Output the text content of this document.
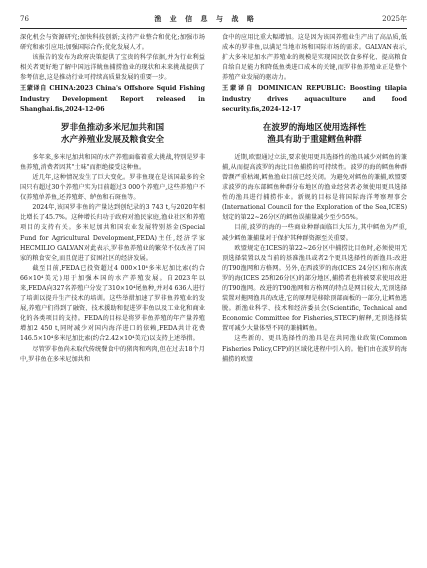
76	渔 业 信 息 与 战 略	2025年

深化机会与资源研究;加快科技创新;支持产业整合和优化;加强市场研究和索引应用;加强国际合作;优化发展人才。

该报告的发布为政府决策提供了宝贵的科学依据,并为行业利益相关者更好地了解中国远洋鱿鱼捕捞渔业的现状和未来挑战提供了参考信息,这是推动行业可持续高质量发展的重要一步。

王蒙译自 CHINA:2023 China's Offshore Squid Fishing Industry Development Report released in Shanghai.fis,2024-12-06

罗非鱼推动多米尼加共和国
水产养殖业发展及粮食安全

多年来,多米尼加共和国的水产养殖面临着重大挑战,特别是罗非鱼养殖,消费者因其"土味"而拒绝接受这种鱼。

近几年,这种情况发生了巨大变化。罗非鱼现在是该国最多的全国只有超过30个养殖户实为目前超过3 000个养殖户,这些养殖户不仅养殖单养鱼,还养殖虾、鲈鱼和石斑鱼等。

2024年,该国罗非鱼的产量达到创纪录的3 743 t,与2020年相比增长了45.7%。这种增长归功于政府对渔民家庭,渔业社区和养殖项目的支持有关。多米尼加共和国农业发展特别基金(Special Fund for Agricultural Development,FEDA)主任,经济学家HECMILIO GALVAN对此表示,罗非鱼养殖业的繁荣不仅改善了国家的粮食安全,而且促进了贫困社区的经济发展。

截至目前,FEDA已投资超过4 000×10⁴多米尼加比索(约合66×10⁴美元)用于加强本国的水产养殖发展。自2023年以来,FEDA向327名养殖户分发了310×10⁴尾鱼种,并对4 636人进行了培训以提升生产技术的培训。这些举措加速了罗非鱼养殖业的发展,养殖户们得到了融资、技术援助和促进罗非鱼以及工业化和商业化的各类项目的支持。FEDA的目标是将罗非鱼养殖的年产量养殖增加2 450 t,同时减少对国内海洋进口的依赖,FEDA共计花费146.5×10⁴多米尼加比索(约合2.42×10⁴美元)以支持上述举措。

尽管罗非鱼尚未取代传统餐食中的猪肉和鸡肉,但在过去18个月中,罗非鱼在多米尼加共和

食中的应用比重大幅增加。这是因为该国养殖业生产出了高品质,低成本的罗非鱼,以满足当地市场和国际市场的需求。GALVAN表示,扩大多米尼加水产养殖业的规模是实现国民饮食多样化、提高粮食自给自足能力和降低鱼类进口成本的关键,而罗非鱼养殖业正是整个养殖产业发展的驱动力。

王蒙译自 DOMINICAN REPUBLIC: Boosting tilapia industry drives aquaculture and food security.fis,2024-12-17

在波罗的海地区使用选择性
渔具有助于重建鳕鱼种群

近期,欧盟通过立法,要求使用更具选择性的渔具减少对鳕鱼的兼捕,从而提高波罗的海比目鱼捕捞的可持续性。波罗的海的鳕鱼种群曾濒严重枯竭,鳕鱼渔业目前已经关闭。为避免对鳕鱼的兼捕,欧盟要求波罗的海东部鳕鱼种群分布地区的渔业经营者必须使用更具选择性的渔具进行捕捞作业。新规的目标是将国际海洋考察理事会(International Council for the Exploration of the Sea,ICES)划定的第22~26分区的鳕鱼误捕量减少至少55%。

目前,波罗的海的一些商业种群面临巨大压力,其中鳕鱼为严重,减少鳕鱼兼捕量对于保护其种群资源至关重要。

欧盟规定在ICES的第22~26分区中捕捞比目鱼时,必须使用无顶选择装置以及当前的基准渔具或者2个更具选择性的新渔具:改进的T90渔网和方格网。另外,在西波罗的海(ICES 24分区)和东南波罗的海(ICES 25和26分区)的部分地区,捕捞者也将被要求使用改进的T90渔网。改进的T90渔网和方格网的特点是网目较大,无顶选择装置对拖网渔具的改进,它的原理是移除顶部面板的一部分,让鳕鱼逃脱。新渔业科学、技术和经济委员会(Scientific, Technical and Economic Committee for Fisheries,STECF)解释,无顶选择装置可减少大量体型不同的兼捕鳕鱼。

这些新的、更具选择性的渔具是在共同渔业政策(Common Fisheries Policy,CFP)的区域化进程中引入的。他们由在波罗的海捕捞的欧盟
